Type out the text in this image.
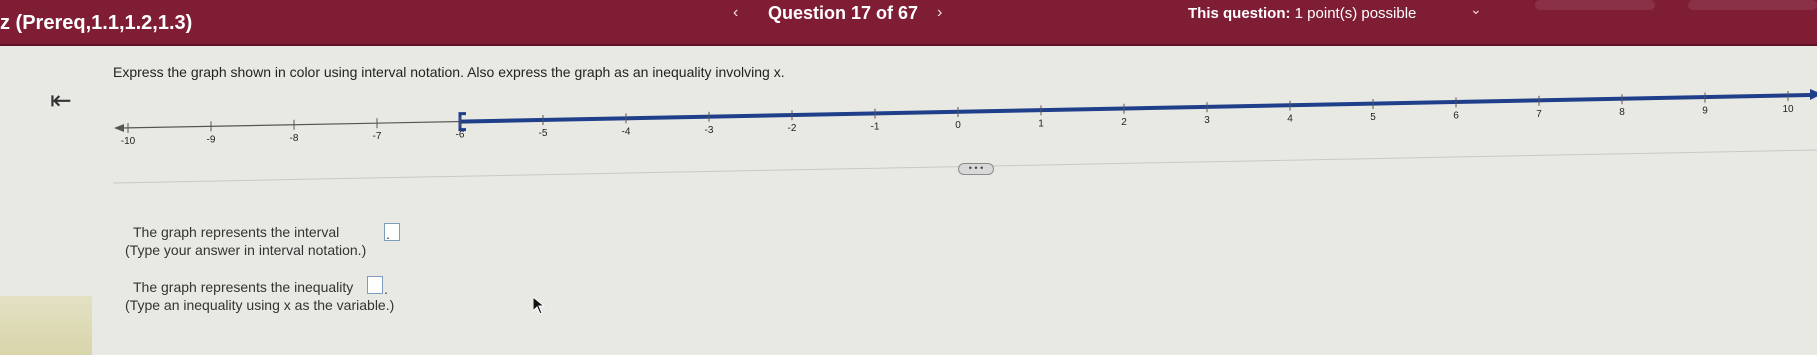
z (Prereq,1.1,1.2,1.3)	‹ Question 17 of 67 ›	This question: 1 point(s) possible	⌄
⇤
Express the graph shown in color using interval notation. Also express the graph as an inequality involving x.
-10	-9	-8	-7	-6	-5	-4	-3	-2	-1	0	1	2	3	4	5	6	7	8	9	10
• • •
The graph represents the interval	.
(Type your answer in interval notation.)
The graph represents the inequality .
(Type an inequality using x as the variable.)
